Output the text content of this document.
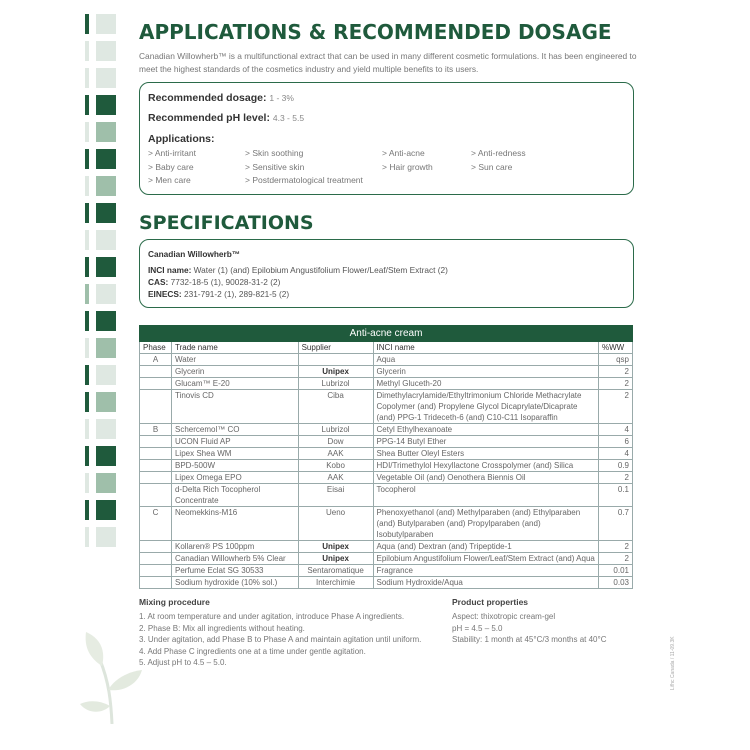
APPLICATIONS & RECOMMENDED DOSAGE

Canadian Willowherb™ is a multifunctional extract that can be used in many different cosmetic formulations. It has been engineered to meet the highest standards of the cosmetics industry and yield multiple benefits to its users.

Recommended dosage: 1 - 3%
Recommended pH level: 4.3 - 5.5
Applications:
> Anti-irritant	> Skin soothing	> Anti-acne	> Anti-redness
> Baby care	> Sensitive skin	> Hair growth	> Sun care
> Men care	> Postdermatological treatment
SPECIFICATIONS
Canadian Willowherb™
INCI name: Water (1) (and) Epilobium Angustifolium Flower/Leaf/Stem Extract (2)
CAS: 7732-18-5 (1), 90028-31-2 (2)
EINECS: 231-791-2 (1), 289-821-5 (2)
Anti-acne cream				
Phase	Trade name	Supplier	INCI name	%WW
A	Water		Aqua	qsp
	Glycerin	Unipex	Glycerin	2
	Glucam™ E-20	Lubrizol	Methyl Gluceth-20	2
	Tinovis CD	Ciba	Dimethylacrylamide/Ethyltrimonium Chloride Methacrylate Copolymer (and) Propylene Glycol Dicaprylate/Dicaprate (and) PPG-1 Trideceth-6 (and) C10-C11 Isoparaffin	2
B	Schercemol™ CO	Lubrizol	Cetyl Ethylhexanoate	4
	UCON Fluid AP	Dow	PPG-14 Butyl Ether	6
	Lipex Shea WM	AAK	Shea Butter Oleyl Esters	4
	BPD-500W	Kobo	HDI/Trimethylol Hexyllactone Crosspolymer (and) Silica	0.9
	Lipex Omega EPO	AAK	Vegetable Oil (and) Oenothera Biennis Oil	2
	d-Delta Rich Tocopherol Concentrate	Eisai	Tocopherol	0.1
C	Neomekkins-M16	Ueno	Phenoxyethanol (and) Methylparaben (and) Ethylparaben (and) Butylparaben (and) Propylparaben (and) Isobutylparaben	0.7
	Kollaren® PS 100ppm	Unipex	Aqua (and) Dextran (and) Tripeptide-1	2
	Canadian Willowherb 5% Clear	Unipex	Epilobium Angustifolium Flower/Leaf/Stem Extract (and) Aqua	2
	Perfume Eclat SG 30533	Sentaromatique	Fragrance	0.01
	Sodium hydroxide (10% sol.)	Interchimie	Sodium Hydroxide/Aqua	0.03
Mixing procedure
1. At room temperature and under agitation, introduce Phase A ingredients.
2. Phase B: Mix all ingredients without heating.
3. Under agitation, add Phase B to Phase A and maintain agitation until uniform.
4. Add Phase C ingredients one at a time under gentle agitation.
5. Adjust pH to 4.5 – 5.0.
Product properties
Aspect: thixotropic cream-gel
pH = 4.5 – 5.0
Stability: 1 month at 45°C/3 months at 40°C	Lifhc Canada / 11-09.3K
